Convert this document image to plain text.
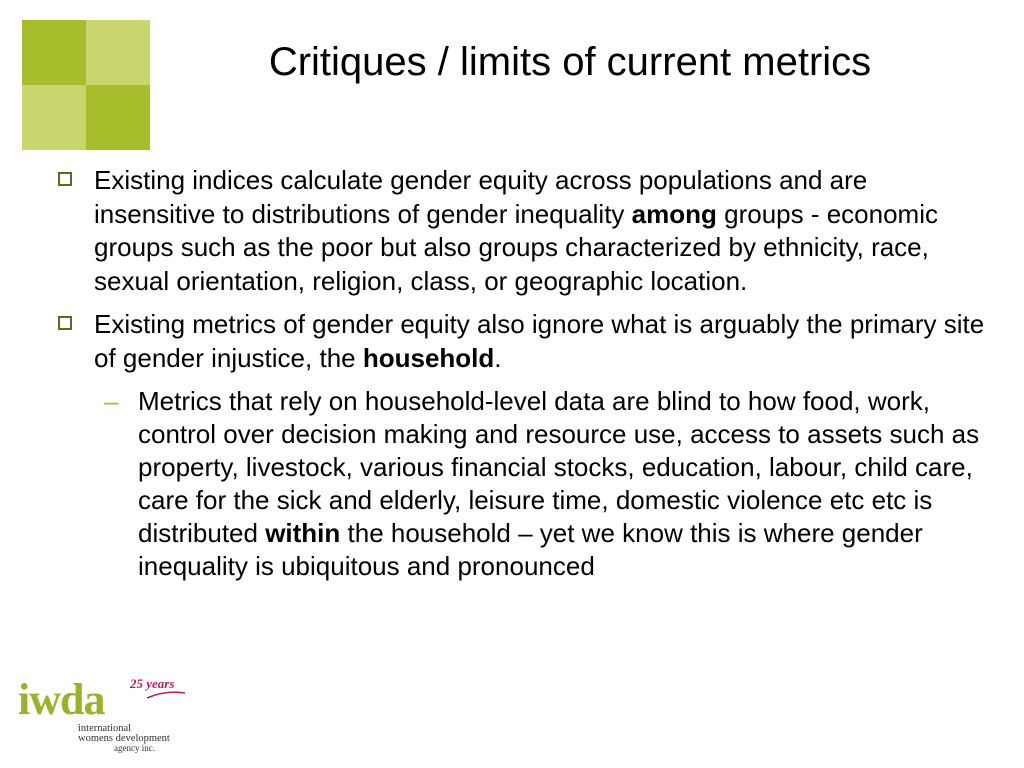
Critiques / limits of current metrics
Existing indices calculate gender equity across populations and are insensitive to distributions of gender inequality among groups - economic groups such as the poor but also groups characterized by ethnicity, race, sexual orientation, religion, class, or geographic location.
Existing metrics of gender equity also ignore what is arguably the primary site of gender injustice, the household.
– Metrics that rely on household-level data are blind to how food, work, control over decision making and resource use, access to assets such as property, livestock, various financial stocks, education, labour, child care, care for the sick and elderly, leisure time, domestic violence etc etc is distributed within the household – yet we know this is where gender inequality is ubiquitous and pronounced
iwda 25 years
international
womens development
agency inc.
